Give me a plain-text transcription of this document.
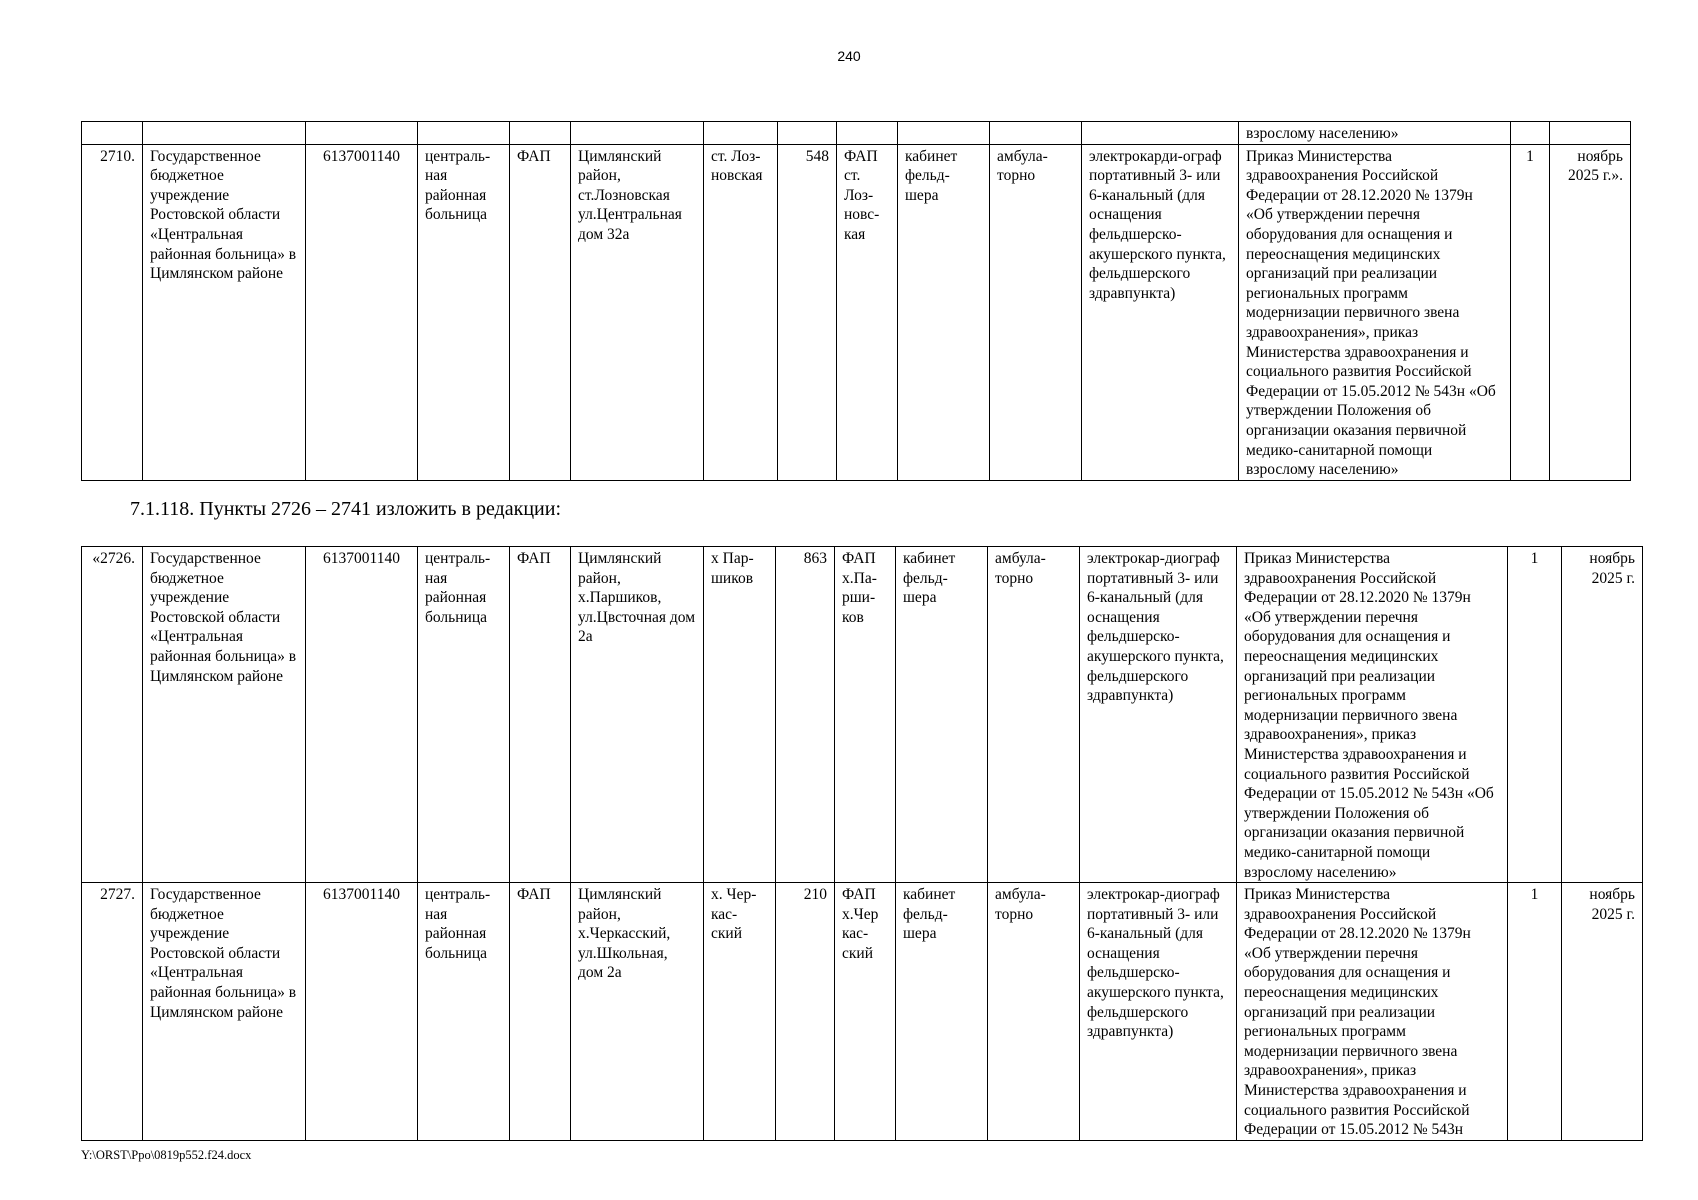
240
												взрослому населению»		
2710.	Государственное бюджетное учреждение Ростовской области «Центральная районная больница» в Цимлянском районе	6137001140	централь-ная районная больница	ФАП	Цимлянский район, ст.Лозновская ул.Центральная дом 32а	ст. Лоз-новская	548	ФАП ст. Лоз-новс-кая	кабинет фельд-шера	амбула-торно	электрокарди-ограф портативный 3- или 6-канальный (для оснащения фельдшерско-акушерского пункта, фельдшерского здравпункта)	Приказ Министерства здравоохранения Российской Федерации от 28.12.2020 № 1379н «Об утверждении перечня оборудования для оснащения и переоснащения медицинских организаций при реализации региональных программ модернизации первичного звена здравоохранения», приказ Министерства здравоохранения и социального развития Российской Федерации от 15.05.2012 № 543н «Об утверждении Положения об организации оказания первичной медико-санитарной помощи взрослому населению»	1	ноябрь 2025 г.».
7.1.118. Пункты 2726 – 2741 изложить в редакции:
«2726.	Государственное бюджетное учреждение Ростовской области «Центральная районная больница» в Цимлянском районе	6137001140	централь-ная районная больница	ФАП	Цимлянский район, х.Паршиков, ул.Цвсточная дом 2а	х Пар-шиков	863	ФАП х.Па-рши-ков	кабинет фельд-шера	амбула-торно	электрокар-диограф портативный 3- или 6-канальный (для оснащения фельдшерско-акушерского пункта, фельдшерского здравпункта)	Приказ Министерства здравоохранения Российской Федерации от 28.12.2020 № 1379н «Об утверждении перечня оборудования для оснащения и переоснащения медицинских организаций при реализации региональных программ модернизации первичного звена здравоохранения», приказ Министерства здравоохранения и социального развития Российской Федерации от 15.05.2012 № 543н «Об утверждении Положения об организации оказания первичной медико-санитарной помощи взрослому населению»	1	ноябрь 2025 г.
2727.	Государственное бюджетное учреждение Ростовской области «Центральная районная больница» в Цимлянском районе	6137001140	централь-ная районная больница	ФАП	Цимлянский район, х.Черкасский, ул.Школьная, дом 2а	х. Чер-кас-ский	210	ФАП х.Чер кас-ский	кабинет фельд-шера	амбула-торно	электрокар-диограф портативный 3- или 6-канальный (для оснащения фельдшерско-акушерского пункта, фельдшерского здравпункта)	Приказ Министерства здравоохранения Российской Федерации от 28.12.2020 № 1379н «Об утверждении перечня оборудования для оснащения и переоснащения медицинских организаций при реализации региональных программ модернизации первичного звена здравоохранения», приказ Министерства здравоохранения и социального развития Российской Федерации от 15.05.2012 № 543н	1	ноябрь 2025 г.
Y:\ORST\Ppo\0819p552.f24.docx
